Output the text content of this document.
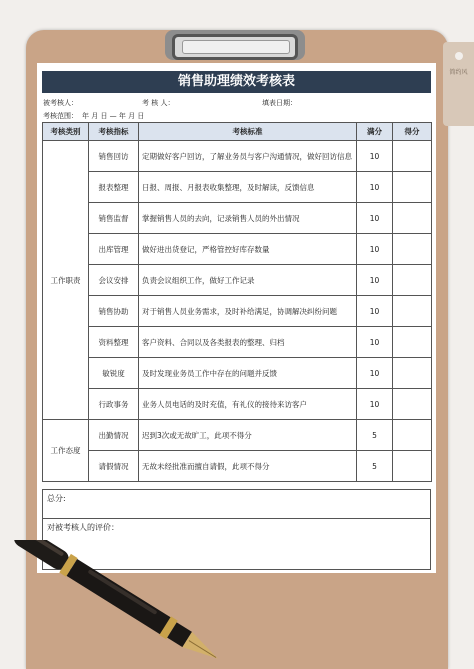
简约风
销售助理绩效考核表
被考核人：	考 核 人：	填表日期：
考核范围： 年 月 日 — 年 月 日
考核类别	考核指标	考核标准	满分	得分
工作职责	销售回访	定期做好客户回访，了解业务员与客户沟通情况，做好回访信息	10	
	报表整理	日报、周报、月报表收集整理，及时解读，反馈信息	10	
	销售监督	掌握销售人员的去向，记录销售人员的外出情况	10	
	出库管理	做好进出货登记，严格管控好库存数量	10	
	会议安排	负责会议组织工作，做好工作记录	10	
	销售协助	对于销售人员业务需求，及时补给满足，协调解决纠纷问题	10	
	资料整理	客户资料、合同以及各类报表的整理、归档	10	
	敏锐度	及时发现业务员工作中存在的问题并反馈	10	
	行政事务	业务人员电话的及时充值，有礼仪的接待来访客户	10	
工作态度	出勤情况	迟到3次或无故旷工，此项不得分	5	
	请假情况	无故未经批准而擅自请假，此项不得分	5	
总分:
对被考核人的评价：
